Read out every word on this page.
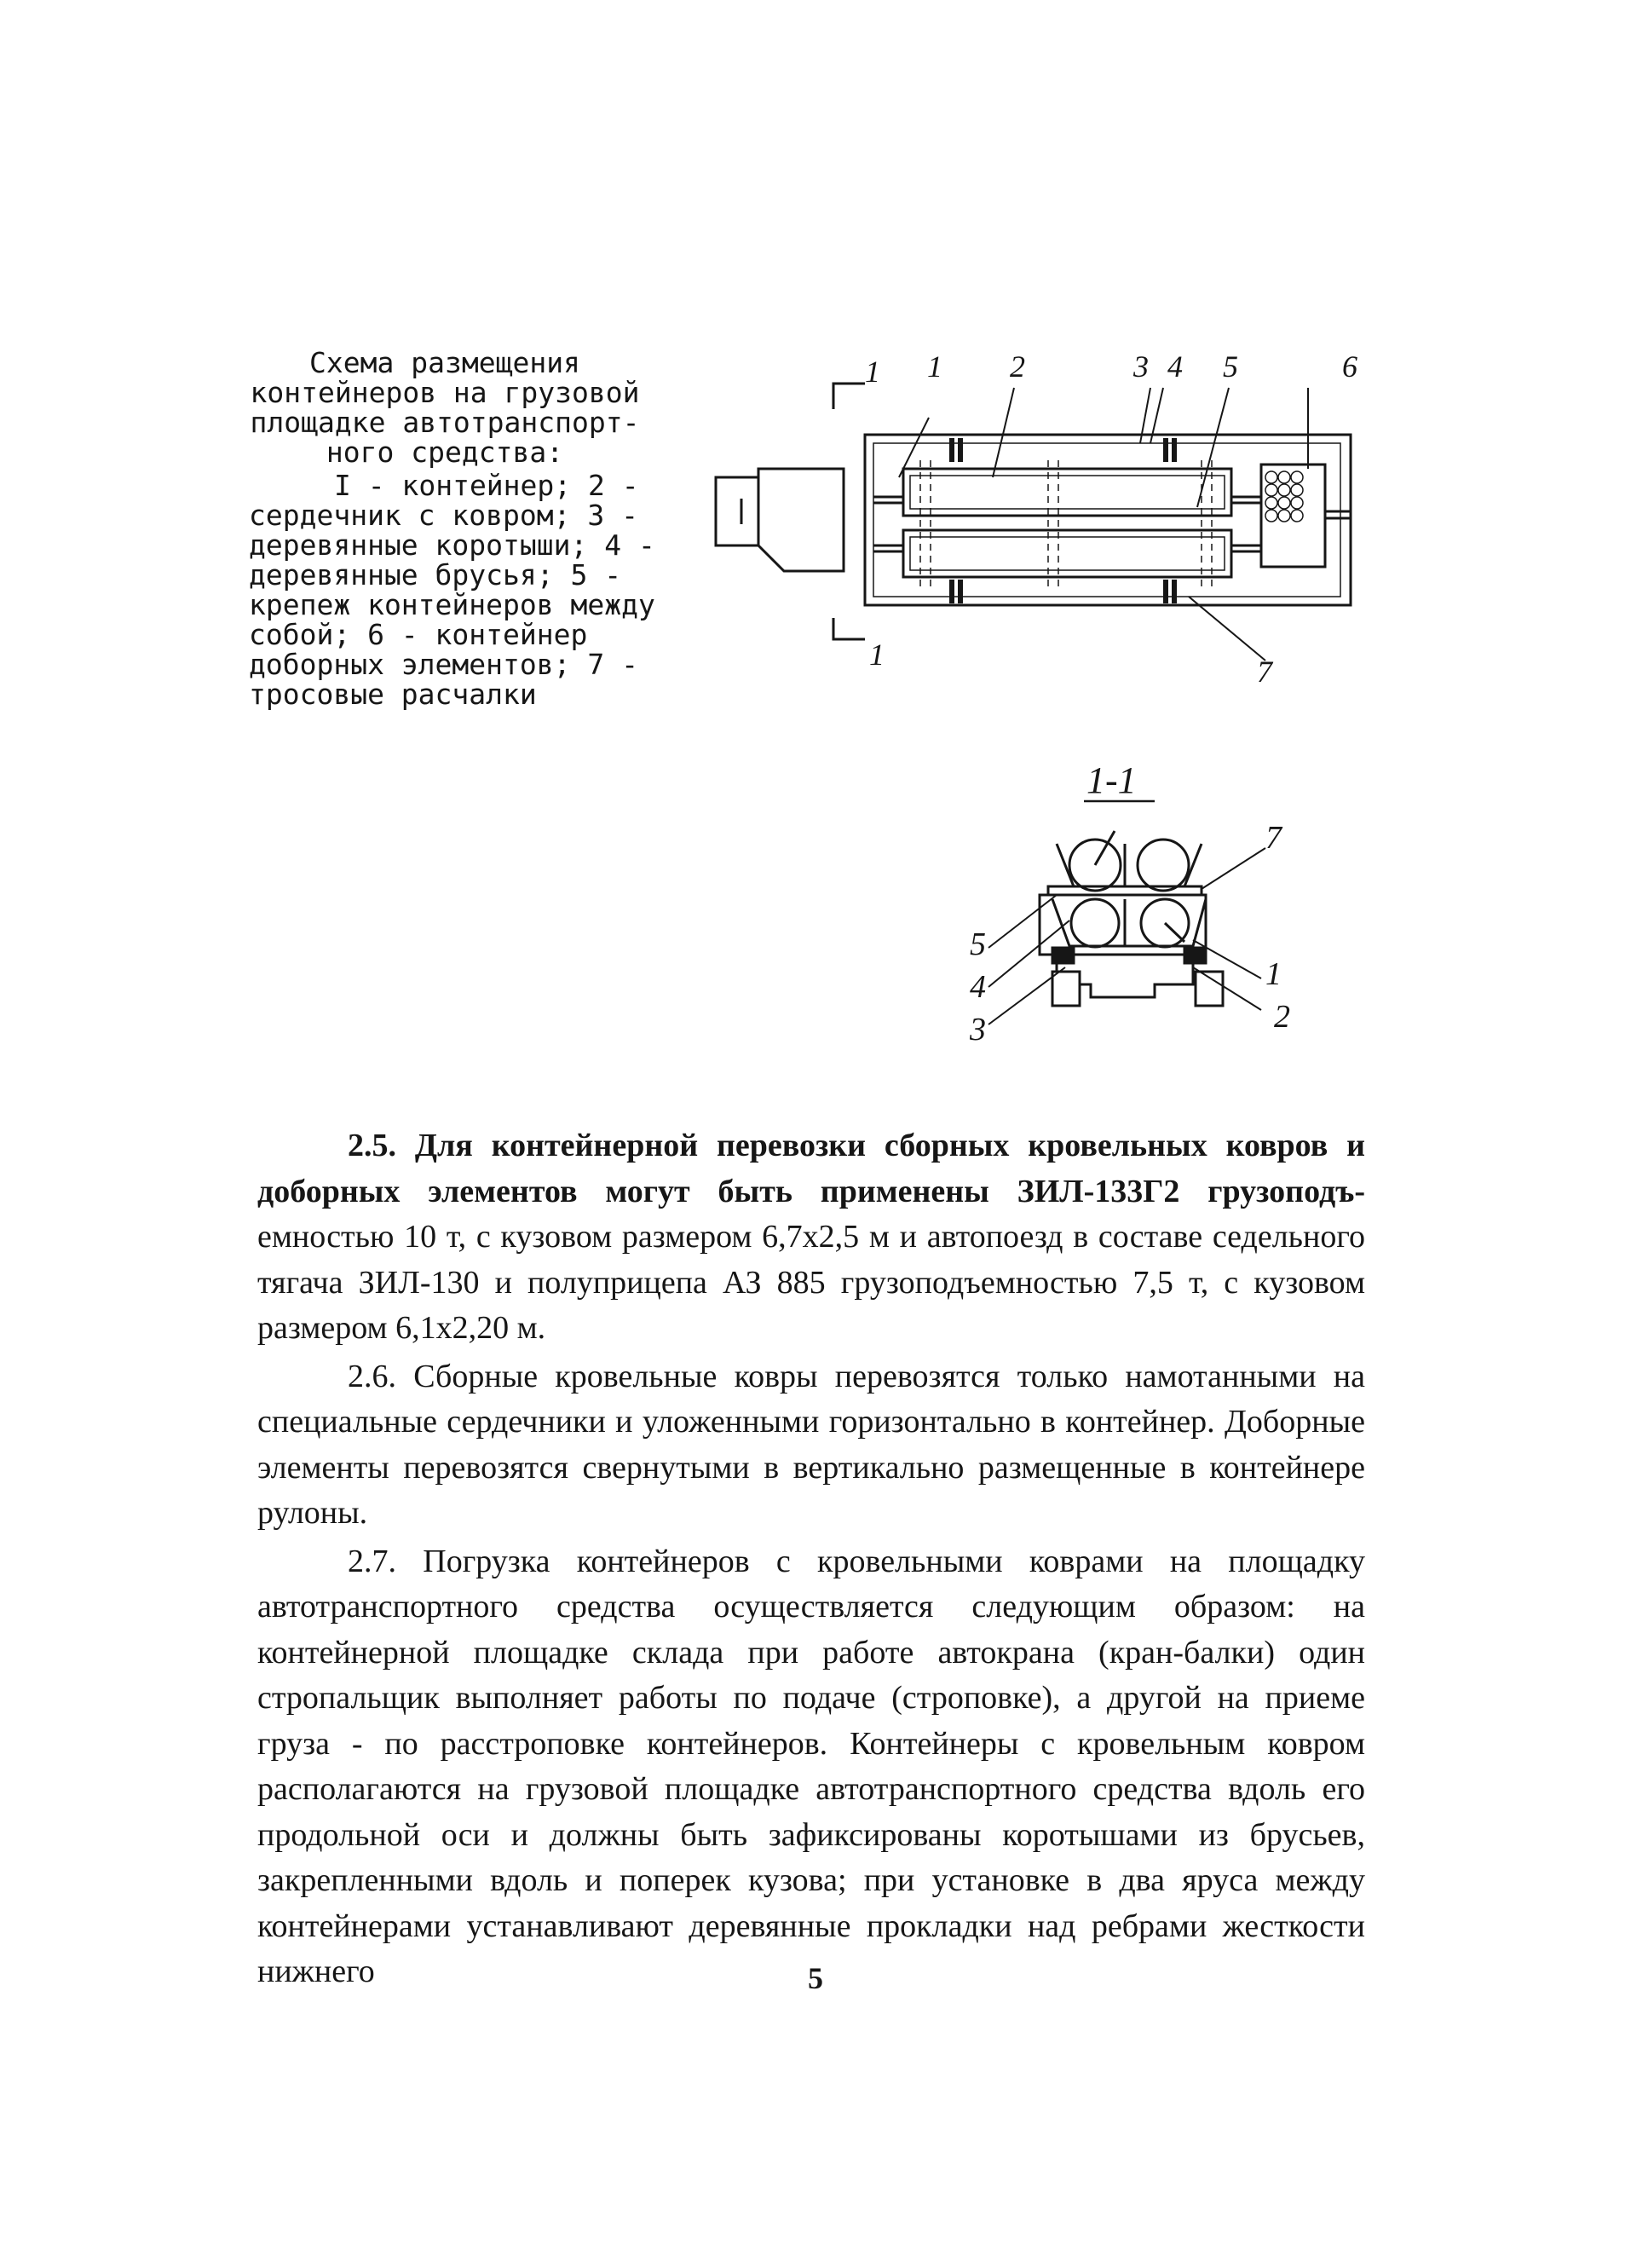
Схема размещения
контейнеров на грузовой
площадке автотранспорт-
ного средства:
I - контейнер; 2 - сердечник с ковром; 3 - деревянные коротыши; 4 - деревянные брусья; 5 - крепеж контейнеров между собой; 6 - контейнер доборных элементов; 7 - тросовые расчалки
1
1
1 2	3 4 5	6
7
1-1
7
5
4
3
1
2

2.5. Для контейнерной перевозки сборных кровельных ковров и доборных элементов могут быть применены ЗИЛ-133Г2 грузоподъ- емностью 10 т, с кузовом размером 6,7х2,5 м и автопоезд в составе седельного тягача ЗИЛ-130 и полуприцепа АЗ 885 грузоподъемностью 7,5 т, с кузовом размером 6,1х2,20 м.

2.6. Сборные кровельные ковры перевозятся только намотанными на специальные сердечники и уложенными горизонтально в контейнер. Доборные элементы перевозятся свернутыми в вертикально размещенные в контейнере рулоны.

2.7. Погрузка контейнеров с кровельными коврами на площадку автотранспортного средства осуществляется следующим образом: на контейнерной площадке склада при работе автокрана (кран-балки) один стропальщик выполняет работы по подаче (строповке), а другой на приеме груза - по расстроповке контейнеров. Контейнеры с кровельным ковром располагаются на грузовой площадке автотранспортного средства вдоль его продольной оси и должны быть зафиксированы коротышами из брусьев, закрепленными вдоль и поперек кузова; при установке в два яруса между контейнерами устанавливают деревянные прокладки над ребрами жесткости нижнего	5
